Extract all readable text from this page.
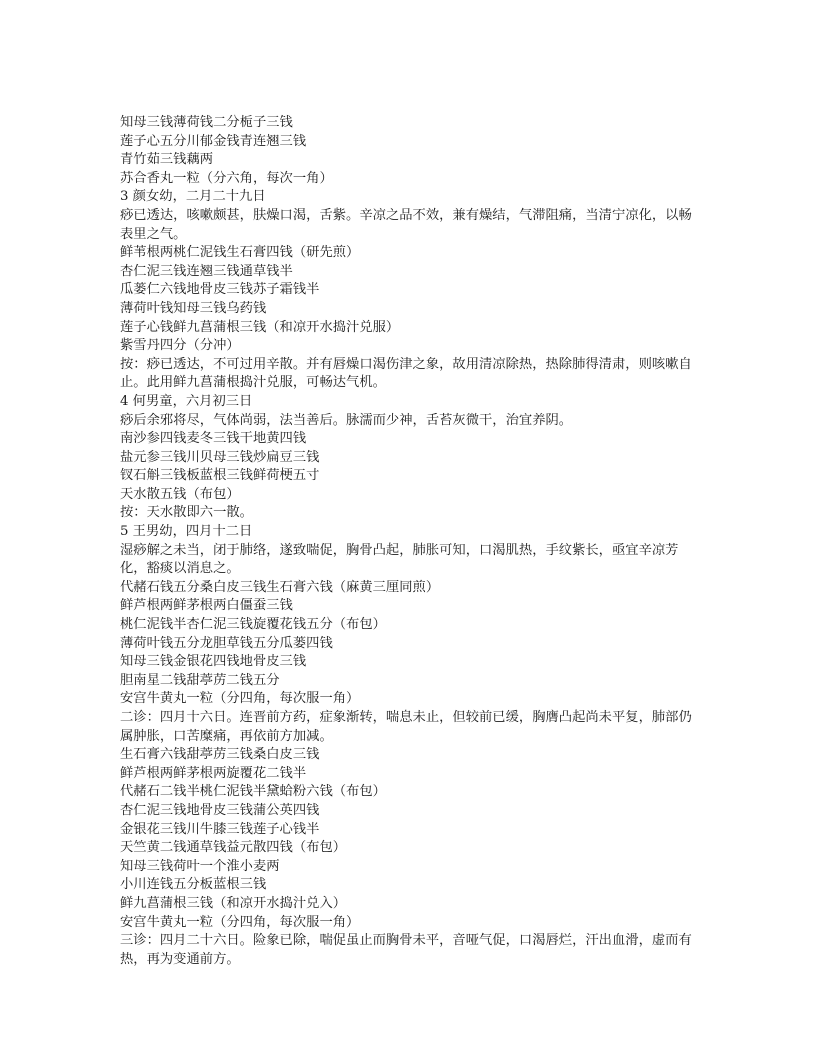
知母三钱薄荷钱二分栀子三钱

莲子心五分川郁金钱青连翘三钱

青竹茹三钱藕两

苏合香丸一粒（分六角，每次一角）

3 颜女幼，二月二十九日

痧已透达，咳嗽颇甚，肤燥口渴，舌紫。辛凉之品不效，兼有燥结，气滞阻痛，当清宁凉化，以畅表里之气。

鲜苇根两桃仁泥钱生石膏四钱（研先煎）

杏仁泥三钱连翘三钱通草钱半

瓜蒌仁六钱地骨皮三钱苏子霜钱半

薄荷叶钱知母三钱乌药钱

莲子心钱鲜九菖蒲根三钱（和凉开水捣汁兑服）

紫雪丹四分（分冲）

按：痧已透达，不可过用辛散。并有唇燥口渴伤津之象，故用清凉除热，热除肺得清肃，则咳嗽自止。此用鲜九菖蒲根捣汁兑服，可畅达气机。

4 何男童，六月初三日

痧后余邪将尽，气体尚弱，法当善后。脉濡而少神，舌苔灰微干，治宜养阴。

南沙参四钱麦冬三钱干地黄四钱

盐元参三钱川贝母三钱炒扁豆三钱

钗石斛三钱板蓝根三钱鲜荷梗五寸

天水散五钱（布包）

按：天水散即六一散。

5 王男幼，四月十二日

湿痧解之未当，闭于肺络，遂致喘促，胸骨凸起，肺胀可知，口渴肌热，手纹紫长，亟宜辛凉芳化，豁痰以消息之。

代赭石钱五分桑白皮三钱生石膏六钱（麻黄三厘同煎）

鲜芦根两鲜茅根两白僵蚕三钱

桃仁泥钱半杏仁泥三钱旋覆花钱五分（布包）

薄荷叶钱五分龙胆草钱五分瓜蒌四钱

知母三钱金银花四钱地骨皮三钱

胆南星二钱甜葶苈二钱五分

安宫牛黄丸一粒（分四角，每次服一角）

二诊：四月十六日。连晋前方药，症象渐转，喘息未止，但较前已缓，胸膺凸起尚未平复，肺部仍属肿胀，口苦糜痛，再依前方加减。

生石膏六钱甜葶苈三钱桑白皮三钱

鲜芦根两鲜茅根两旋覆花二钱半

代赭石二钱半桃仁泥钱半黛蛤粉六钱（布包）

杏仁泥三钱地骨皮三钱蒲公英四钱

金银花三钱川牛膝三钱莲子心钱半

天竺黄二钱通草钱益元散四钱（布包）

知母三钱荷叶一个淮小麦两

小川连钱五分板蓝根三钱

鲜九菖蒲根三钱（和凉开水捣汁兑入）

安宫牛黄丸一粒（分四角，每次服一角）

三诊：四月二十六日。险象已除，喘促虽止而胸骨未平，音哑气促，口渴唇烂，汗出血滑，虚而有热，再为变通前方。
